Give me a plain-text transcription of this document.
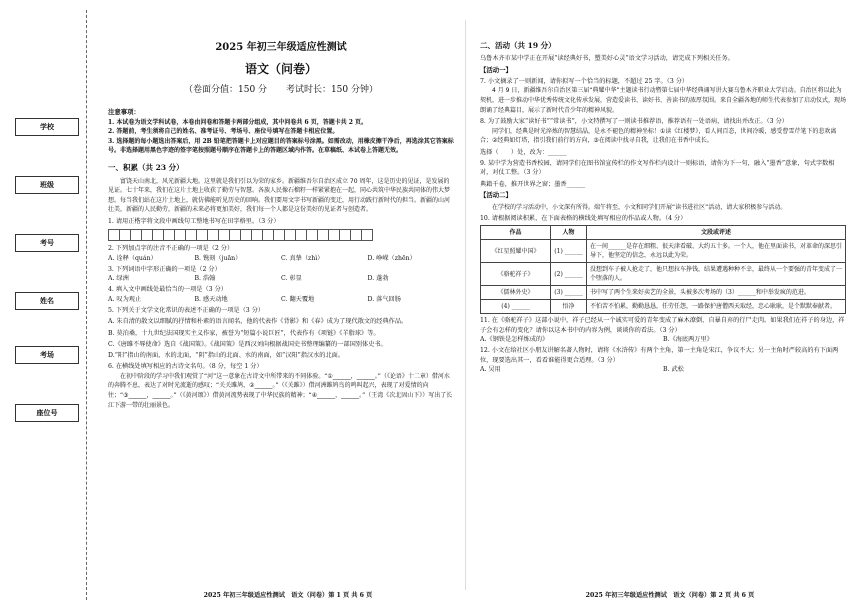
学校
班级
考号
姓名
考场
座位号
2025 年初三年级适应性测试
语文（问卷）
（卷面分值：150 分 考试时长：150 分钟）
注意事项：

1. 本试卷为语文学科试卷，本卷由问卷和答题卡两部分组成，其中问卷共 6 页，答题卡共 2 页。

2. 答题前，考生须将自己的姓名、准考证号、考场号、座位号填写在答题卡相应位置。

3. 选择题的每小题选出答案后，用 2B 铅笔把答题卡上对应题目的答案标号涂黑。如需改动，用橡皮擦干净后，再选涂其它答案标号。非选择题用黑色字迹的签字笔按照题号顺序在答题卡上的答题区域内作答。在草稿纸、本试卷上答题无效。

一、积累（共 23 分）

富饶天山南北，风光新疆大地。这里就是我们引以为荣的家乡。新疆维吾尔自治区成立 70 周年，这是历史的见证，是发展的见证。七十年来，我们在这片土地上收获了勤劳与智慧。各族人民像石榴籽一样紧紧抱在一起，同心共筑中华民族共同体的伟大梦想。每当我们站在这片土地上，就仿佛能听见历史的回响。我们要用文字书写新疆的变迁，用行动践行新时代的担当。新疆的山河壮美，新疆的人民勤劳，新疆的未来必将更加美好，我们每一个人都是这份美好的见证者与创造者。

1. 请用正楷字将文段中画线句工整地书写在田字格里。（3 分）
2. 下列加点字的注音不正确的一项是（2 分）
A. 诠释（quán）	B. 镌刻（juān）	C. 真挚（zhì）	D. 峥嵘（zhēn）
3. 下列词语中字形正确的一项是（2 分）
A. 绿洲	B. 浩翰	C. 彰显	D. 蓬勃
4. 填入文中画线处最恰当的一项是（3 分）
A. 叹为观止	B. 感天动地	C. 翻天覆地	D. 落气回肠
5. 下列关于文学文化常识的表述不正确的一项是（3 分）
A. 朱自清的散文以细腻的抒情和朴素的语言闻名，他的代表作《背影》和《春》成为了现代散文的经典作品。
B. 莫泊桑，十九世纪法国现实主义作家，被誉为“短篇小说巨匠”，代表作有《项链》《羊脂球》等。
C.《唐雎不辱使命》选自《战国策》。《战国策》是西汉刘向根据战国史书整理编纂的一部国别体史书。
D.“阳”指山的南面、水的北面，“阴”指山的北面、水的南面，如“汉阳”指汉水的北面。
6. 在横线处填写相应的古诗文名句。（8 分，每空 1 分）

在初中阶段的学习中我们观赏了“河”这一意象在古诗文中所带来的不同体验。“①______，______。”（《论语》十二章）借河水的奔腾不息，表达了对时光流逝的感叹；“关关雎鸠，②______。”（《关雎》）借河洲雎鸠鸟的鸣叫起兴，表现了对爱情的向往；“③______，______。”（《黄河颂》）借黄河流势表现了中华民族的精神；“④______，______。”（王湾《次北固山下》）写出了长江下游一带的壮丽景色。

2025 年初三年级适应性测试　语文（问卷）第 1 页 共 6 页
二、活动（共 19 分）
乌鲁木齐市某中学正在开展“读经典好书，塑美好心灵”语文学习活动，请完成下列相关任务。
【活动一】
7. 小文摘录了一则新闻，请你拟写一个恰当的标题，不超过 25 字。（3 分）

4 月 9 日，新疆维吾尔自治区第三届“典耀中华”主题读书行动暨第七届中华经典诵写讲大赛乌鲁木齐职业大学启动。自治区将以此为契机，进一步推动中华优秀传统文化传承发展，营造爱读书、读好书、善读书的浓厚氛围。来自全疆各地的师生代表参加了启动仪式，现场朗诵了经典篇目，展示了新时代青少年的精神风貌。

8. 为了鼓励大家“读好书”“常读书”，小文特撰写了一则读书推荐语，推荐语有一处语病，请找出并改正。（3 分）

同学们，经典是时光淬炼的智慧结晶，是永不褪色的精神坐标！①读《红楼梦》，看人间百态，世间冷暖，感受曹雪芹笔下的悲欢离合；②经典如灯塔，指引我们前行的方向，③在阅读中找寻自我，让我们在书香中成长。

选择（　　）处，改为：______
9. 某中学为营造书香校园，请同学们在图书馆宣传栏的作文写作栏内设计一则标语，请你为下一句，融入“墨香”意象，句式字数相对，对仗工整。（3 分）
典籍千卷，推开世界之窗；墨香______
【活动二】

在学校的学习活动中，小文深有所得。端午将至，小文和同学们开展“读书进社区”活动，请大家积极参与活动。

10. 请根据阅读积累，在下面表格的横线处填写相应的作品或人物。（4 分）
作品	人物	文段或评述
《红星照耀中国》	(1) ______	在一间______是存在细粗、很天津看破、大约五十多。一个人，他在里面读书，对革命的深思引导下，他坚定的信念，永远以此为荣。
《骆驼祥子》	(2) ______	没想到车子被人抢走了，他只想拉车挣钱，结果遭遇种种不幸，最终从一个要强的青年变成了一个堕落的人。
《儒林外史》	(3) ______	书中写了两个生来好卖艺的全景，头被多次考场的（3）______和中举发疯的范进。
(4) ______	悟净	不怕苦不怕累，勤勤恳恳，任劳任怨，一路保护唐僧西天取经，忠心耿耿，是个默默奉献者。
11. 在《骆驼祥子》这部小说中，祥子已经从一个诚实可爱的青年变成了麻木潦倒、自暴自弃的行尸走肉。如果我们在祥子的身边，祥子会有怎样的变化？请你以这本书中的内容为例，谈谈你的看法。（3 分）
A.《钢铁是怎样炼成的》	B.《海底两万里》
12. 小文在给社区小朋友讲解名著人物时，请将《水浒传》有两个主角，第一主角是宋江，争议不大；另一主角时严较高的有下面两位，现要选出其一，看看谁能得更合适理。（3 分）
A. 吴用	B. 武松
2025 年初三年级适应性测试　语文（问卷）第 2 页 共 6 页
